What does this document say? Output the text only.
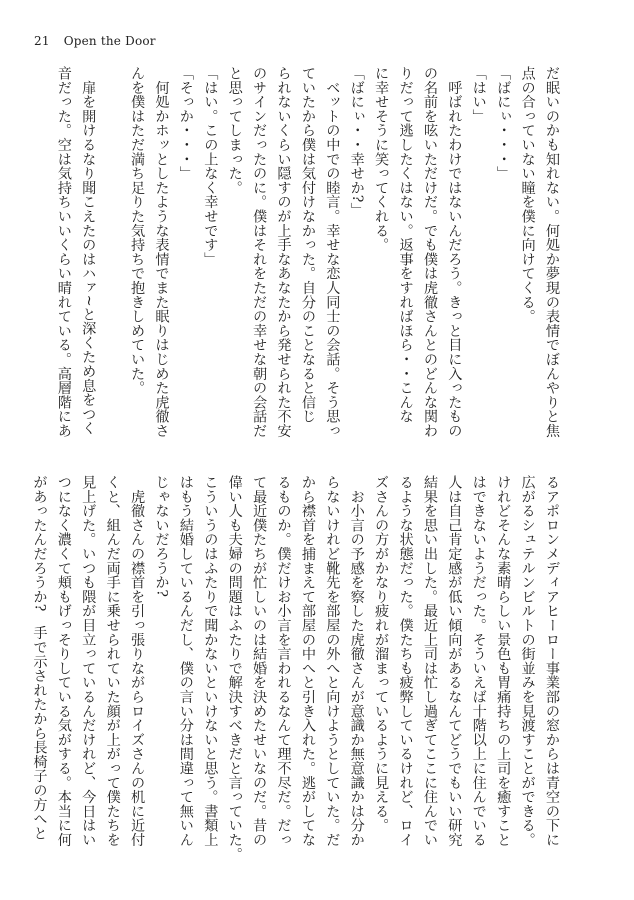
21 Open the Door

だ眠いのかも知れない。何処か夢現の表情でぼんやりと焦

点の合っていない瞳を僕に向けてくる。

「ばにぃ・・・」

「はい」

　呼ばれたわけではないんだろう。きっと目に入ったもの

の名前を呟いただけだ。でも僕は虎徹さんとのどんな関わ

りだって逃したくはない。返事をすればほら・・こんな

に幸せそうに笑ってくれる。

「ばにぃ・・幸せか?」

　ベットの中での睦言。幸せな恋人同士の会話。そう思っ

ていたから僕は気付けなかった。自分のことなると信じ

られないくらい隠すのが上手なあなたから発せられた不安

のサインだったのに。僕はそれをただの幸せな朝の会話だ

と思ってしまった。

「はい。この上なく幸せです」

「そっか・・・」

　何処かホッとしたような表情でまた眠りはじめた虎徹さ

んを僕はただ満ち足りた気持ちで抱きしめていた。

　扉を開けるなり聞こえたのはハァ~と深くため息をつく

音だった。空は気持ちいいくらい晴れている。高層階にあ

るアポロンメディアヒーロー事業部の窓からは青空の下に

広がるシュテルンビルトの街並みを見渡すことができる。

けれどそんな素晴らしい景色も胃痛持ちの上司を癒すこと

はできないようだった。そういえば十階以上に住んでいる

人は自己肯定感が低い傾向があるなんてどうでもいい研究

結果を思い出した。最近上司は忙し過ぎてここに住んでい

るような状態だった。僕たちも疲弊しているけれど、ロイ

ズさんの方がかなり疲れが溜まっているように見える。

　お小言の予感を察した虎徹さんが意識か無意識かは分か

らないけれど靴先を部屋の外へと向けようとしていた。だ

から襟首を捕まえて部屋の中へと引き入れた。逃がしてな

るものか。僕だけお小言を言われるなんて理不尽だ。だっ

て最近僕たちが忙しいのは結婚を決めたせいなのだ。昔の

偉い人も夫婦の問題はふたりで解決すべきだと言っていた。

こういうのはふたりで聞かないといけないと思う。書類上

はもう結婚しているんだし、僕の言い分は間違って無いん

じゃないだろうか?

　虎徹さんの襟首を引っ張りながらロイズさんの机に近付

くと、組んだ両手に乗せられていた顔が上がって僕たちを

見上げた。いつも隈が目立っているんだけれど、今日はい

つになく濃くて頬もげっそりしている気がする。本当に何

があったんだろうか?　手で示されたから長椅子の方へと
